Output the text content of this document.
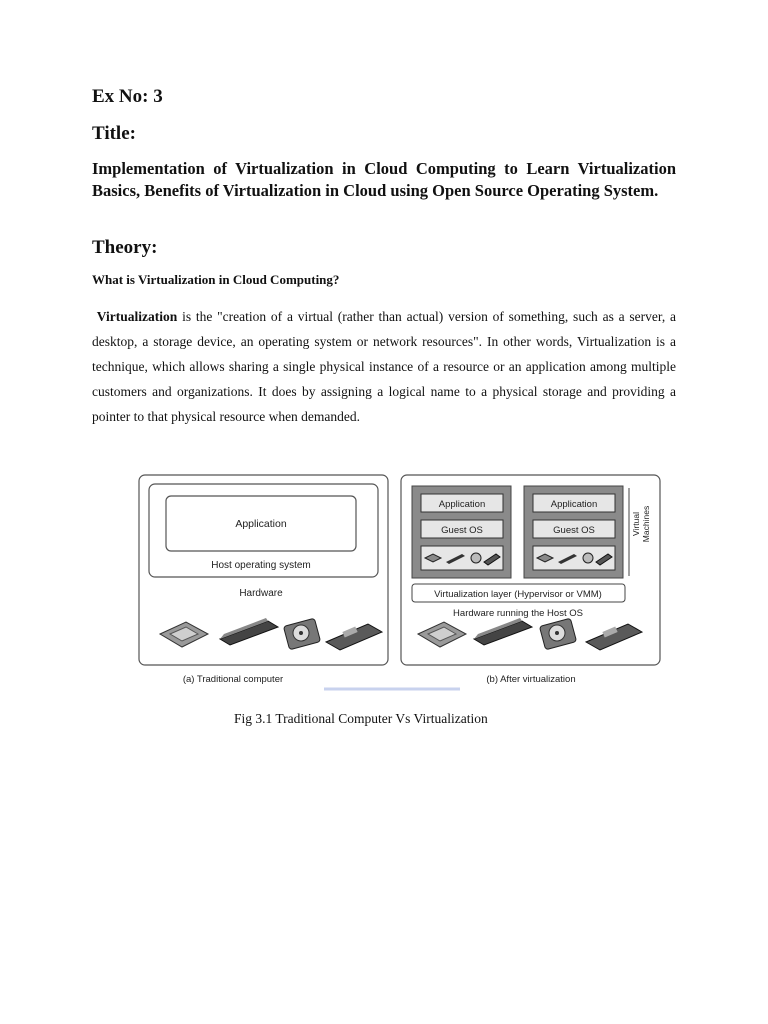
Ex No: 3
Title:
Implementation of Virtualization in Cloud Computing to Learn Virtualization Basics, Benefits of Virtualization in Cloud using Open Source Operating System.
Theory:
What is Virtualization in Cloud Computing?
Virtualization is the "creation of a virtual (rather than actual) version of something, such as a server, a desktop, a storage device, an operating system or network resources". In other words, Virtualization is a technique, which allows sharing a single physical instance of a resource or an application among multiple customers and organizations. It does by assigning a logical name to a physical storage and providing a pointer to that physical resource when demanded.
Application
Host operating system
Hardware
(a) Traditional computer
Application
Guest OS
Application
Guest OS	Virtual Machines
Virtualization layer (Hypervisor or VMM)
Hardware running the Host OS
(b) After virtualization
Fig 3.1 Traditional Computer Vs Virtualization
